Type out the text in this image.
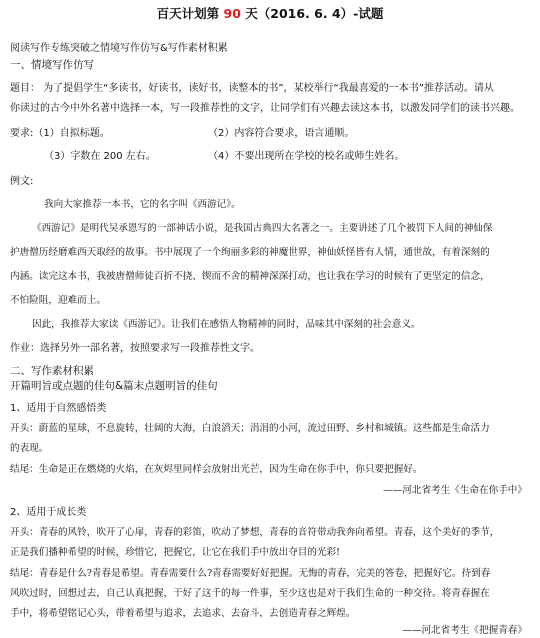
百天计划第 90 天（2016. 6. 4）-试题
阅读写作专练突破之情境写作仿写&写作素材积累
一、情境写作仿写
题目： 为了提倡学生“多读书，好读书，读好书，读整本的书”，某校举行“我最喜爱的一本书”推荐活动。请从
你读过的古今中外名著中选择一本，写一段推荐性的文字，让同学们有兴趣去读这本书，以激发同学们的读书兴趣。
要求:（1）自拟标题。	（2）内容符合要求，语言通顺。
（3）字数在 200 左右。	（4）不要出现所在学校的校名或师生姓名。
例文:
我向大家推荐一本书，它的名字叫《西游记》。
《西游记》是明代吴承恩写的一部神话小说，是我国古典四大名著之一。主要讲述了几个被罚下人间的神仙保
护唐僧历经磨难西天取经的故事。书中展现了一个绚丽多彩的神魔世界，神仙妖怪皆有人情，通世故，有着深刻的
内涵。读完这本书，我被唐僧师徒百折不挠、锲而不舍的精神深深打动，也让我在学习的时候有了更坚定的信念，
不怕险阻，迎难而上。
因此，我推荐大家读《西游记》。让我们在感悟人物精神的同时，品味其中深刻的社会意义。
作业：选择另外一部名著，按照要求写一段推荐性文字。
二、写作素材积累
开篇明旨或点题的佳句&篇末点题明旨的佳句
1、适用于自然感悟类
开头：蔚蓝的星球，不息旋转，壮阔的大海，白浪滔天；涓涓的小河，流过田野、乡村和城镇。这些都是生命活力
的表现。
结尾：生命是正在燃烧的火焰，在灰烬里同样会放射出光芒，因为生命在你手中，你只要把握好。
——河北省考生《生命在你手中》
2、适用于成长类
开头：青春的风铃，吹开了心扉，青春的彩笛，吹动了梦想，青春的音符带动我奔向希望。青春，这个美好的季节，
正是我们播种希望的时候，珍惜它，把握它，让它在我们手中放出夺目的光彩!
结尾：青春是什么?青春是希望。青春需要什么?青春需要好好把握。无悔的青春，完美的答卷，把握好它。待到春
风吹过时，回想过去，自己认真把握，干好了这千的每一件事，至少这也是对于我们生命的一种交待。将青春握在
手中，将希望铭记心头，带着希望与追求，去追求、去奋斗，去创造青春之辉煌。
——河北省考生《把握青春》
